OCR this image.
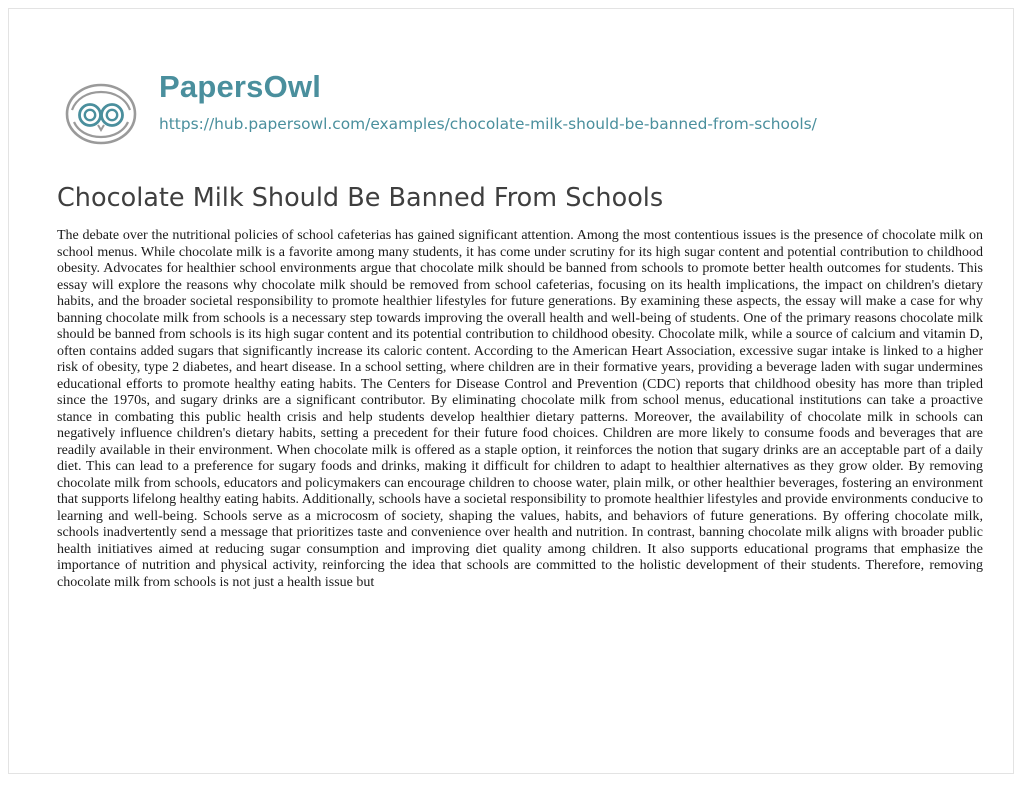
PapersOwl
https://hub.papersowl.com/examples/chocolate-milk-should-be-banned-from-schools/
Chocolate Milk Should Be Banned From Schools

The debate over the nutritional policies of school cafeterias has gained significant attention. Among the most contentious issues is the presence of chocolate milk on school menus. While chocolate milk is a favorite among many students, it has come under scrutiny for its high sugar content and potential contribution to childhood obesity. Advocates for healthier school environments argue that chocolate milk should be banned from schools to promote better health outcomes for students. This essay will explore the reasons why chocolate milk should be removed from school cafeterias, focusing on its health implications, the impact on children's dietary habits, and the broader societal responsibility to promote healthier lifestyles for future generations. By examining these aspects, the essay will make a case for why banning chocolate milk from schools is a necessary step towards improving the overall health and well-being of students. One of the primary reasons chocolate milk should be banned from schools is its high sugar content and its potential contribution to childhood obesity. Chocolate milk, while a source of calcium and vitamin D, often contains added sugars that significantly increase its caloric content. According to the American Heart Association, excessive sugar intake is linked to a higher risk of obesity, type 2 diabetes, and heart disease. In a school setting, where children are in their formative years, providing a beverage laden with sugar undermines educational efforts to promote healthy eating habits. The Centers for Disease Control and Prevention (CDC) reports that childhood obesity has more than tripled since the 1970s, and sugary drinks are a significant contributor. By eliminating chocolate milk from school menus, educational institutions can take a proactive stance in combating this public health crisis and help students develop healthier dietary patterns. Moreover, the availability of chocolate milk in schools can negatively influence children's dietary habits, setting a precedent for their future food choices. Children are more likely to consume foods and beverages that are readily available in their environment. When chocolate milk is offered as a staple option, it reinforces the notion that sugary drinks are an acceptable part of a daily diet. This can lead to a preference for sugary foods and drinks, making it difficult for children to adapt to healthier alternatives as they grow older. By removing chocolate milk from schools, educators and policymakers can encourage children to choose water, plain milk, or other healthier beverages, fostering an environment that supports lifelong healthy eating habits. Additionally, schools have a societal responsibility to promote healthier lifestyles and provide environments conducive to learning and well-being. Schools serve as a microcosm of society, shaping the values, habits, and behaviors of future generations. By offering chocolate milk, schools inadvertently send a message that prioritizes taste and convenience over health and nutrition. In contrast, banning chocolate milk aligns with broader public health initiatives aimed at reducing sugar consumption and improving diet quality among children. It also supports educational programs that emphasize the importance of nutrition and physical activity, reinforcing the idea that schools are committed to the holistic development of their students. Therefore, removing chocolate milk from schools is not just a health issue but
